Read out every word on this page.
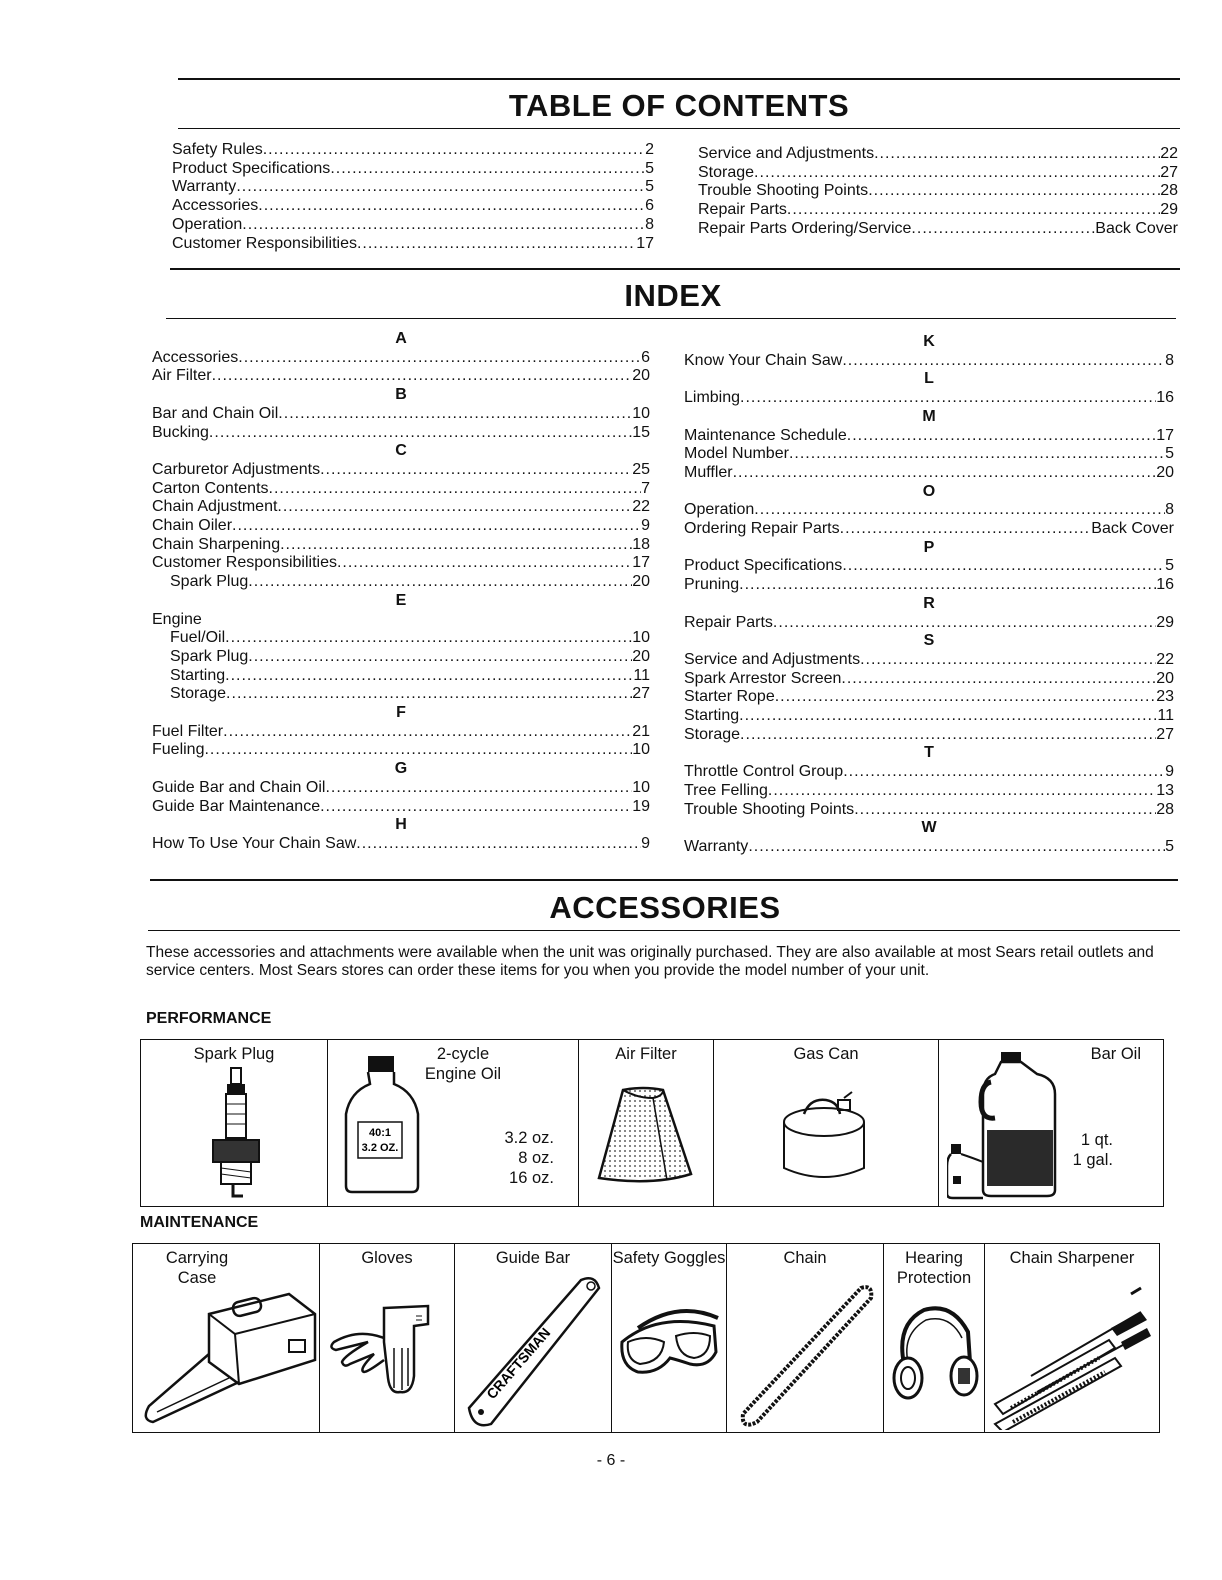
TABLE OF CONTENTS
Safety Rules .....	2
Product Specifications .....	5
Warranty .....	5
Accessories .....	6
Operation .....	8
Customer Responsibilities .....	17
Service and Adjustments .....	22
Storage .....	27
Trouble Shooting Points .....	28
Repair Parts .....	29
Repair Parts Ordering/Service .....	Back Cover
INDEX
A
Accessories .....	6
Air Filter .....	20
B
Bar and Chain Oil .....	10
Bucking .....	15
C
Carburetor Adjustments .....	25
Carton Contents .....	7
Chain Adjustment .....	22
Chain Oiler .....	9
Chain Sharpening .....	18
Customer Responsibilities .....	17
Spark Plug .....	20
E
Engine
Fuel/Oil .....	10
Spark Plug .....	20
Starting .....	11
Storage .....	27
F
Fuel Filter .....	21
Fueling .....	10
G
Guide Bar and Chain Oil .....	10
Guide Bar Maintenance .....	19
H
How To Use Your Chain Saw .....	9
K
Know Your Chain Saw .....	8
L
Limbing .....	16
M
Maintenance Schedule .....	17
Model Number .....	5
Muffler .....	20
O
Operation .....	8
Ordering Repair Parts .....	Back Cover
P
Product Specifications .....	5
Pruning .....	16
R
Repair Parts .....	29
S
Service and Adjustments .....	22
Spark Arrestor Screen .....	20
Starter Rope .....	23
Starting .....	11
Storage .....	27
T
Throttle Control Group .....	9
Tree Felling .....	13
Trouble Shooting Points .....	28
W
Warranty .....	5
ACCESSORIES
These accessories and attachments were available when the unit was originally purchased. They are also available at most Sears retail outlets and service centers. Most Sears stores can order these items for you when you provide the model number of your unit.
PERFORMANCE
Spark Plug	2-cycle Engine Oil
40:1
3.2 OZ.
3.2 oz.
8 oz.
16 oz.

Air Filter	Gas Can	Bar Oil
1 qt.
1 gal.
MAINTENANCE
Carrying Case

Gloves	Guide Bar
CRAFTSMAN

Safety Goggles	Chain	Hearing Protection

Chain Sharpener
- 6 -
